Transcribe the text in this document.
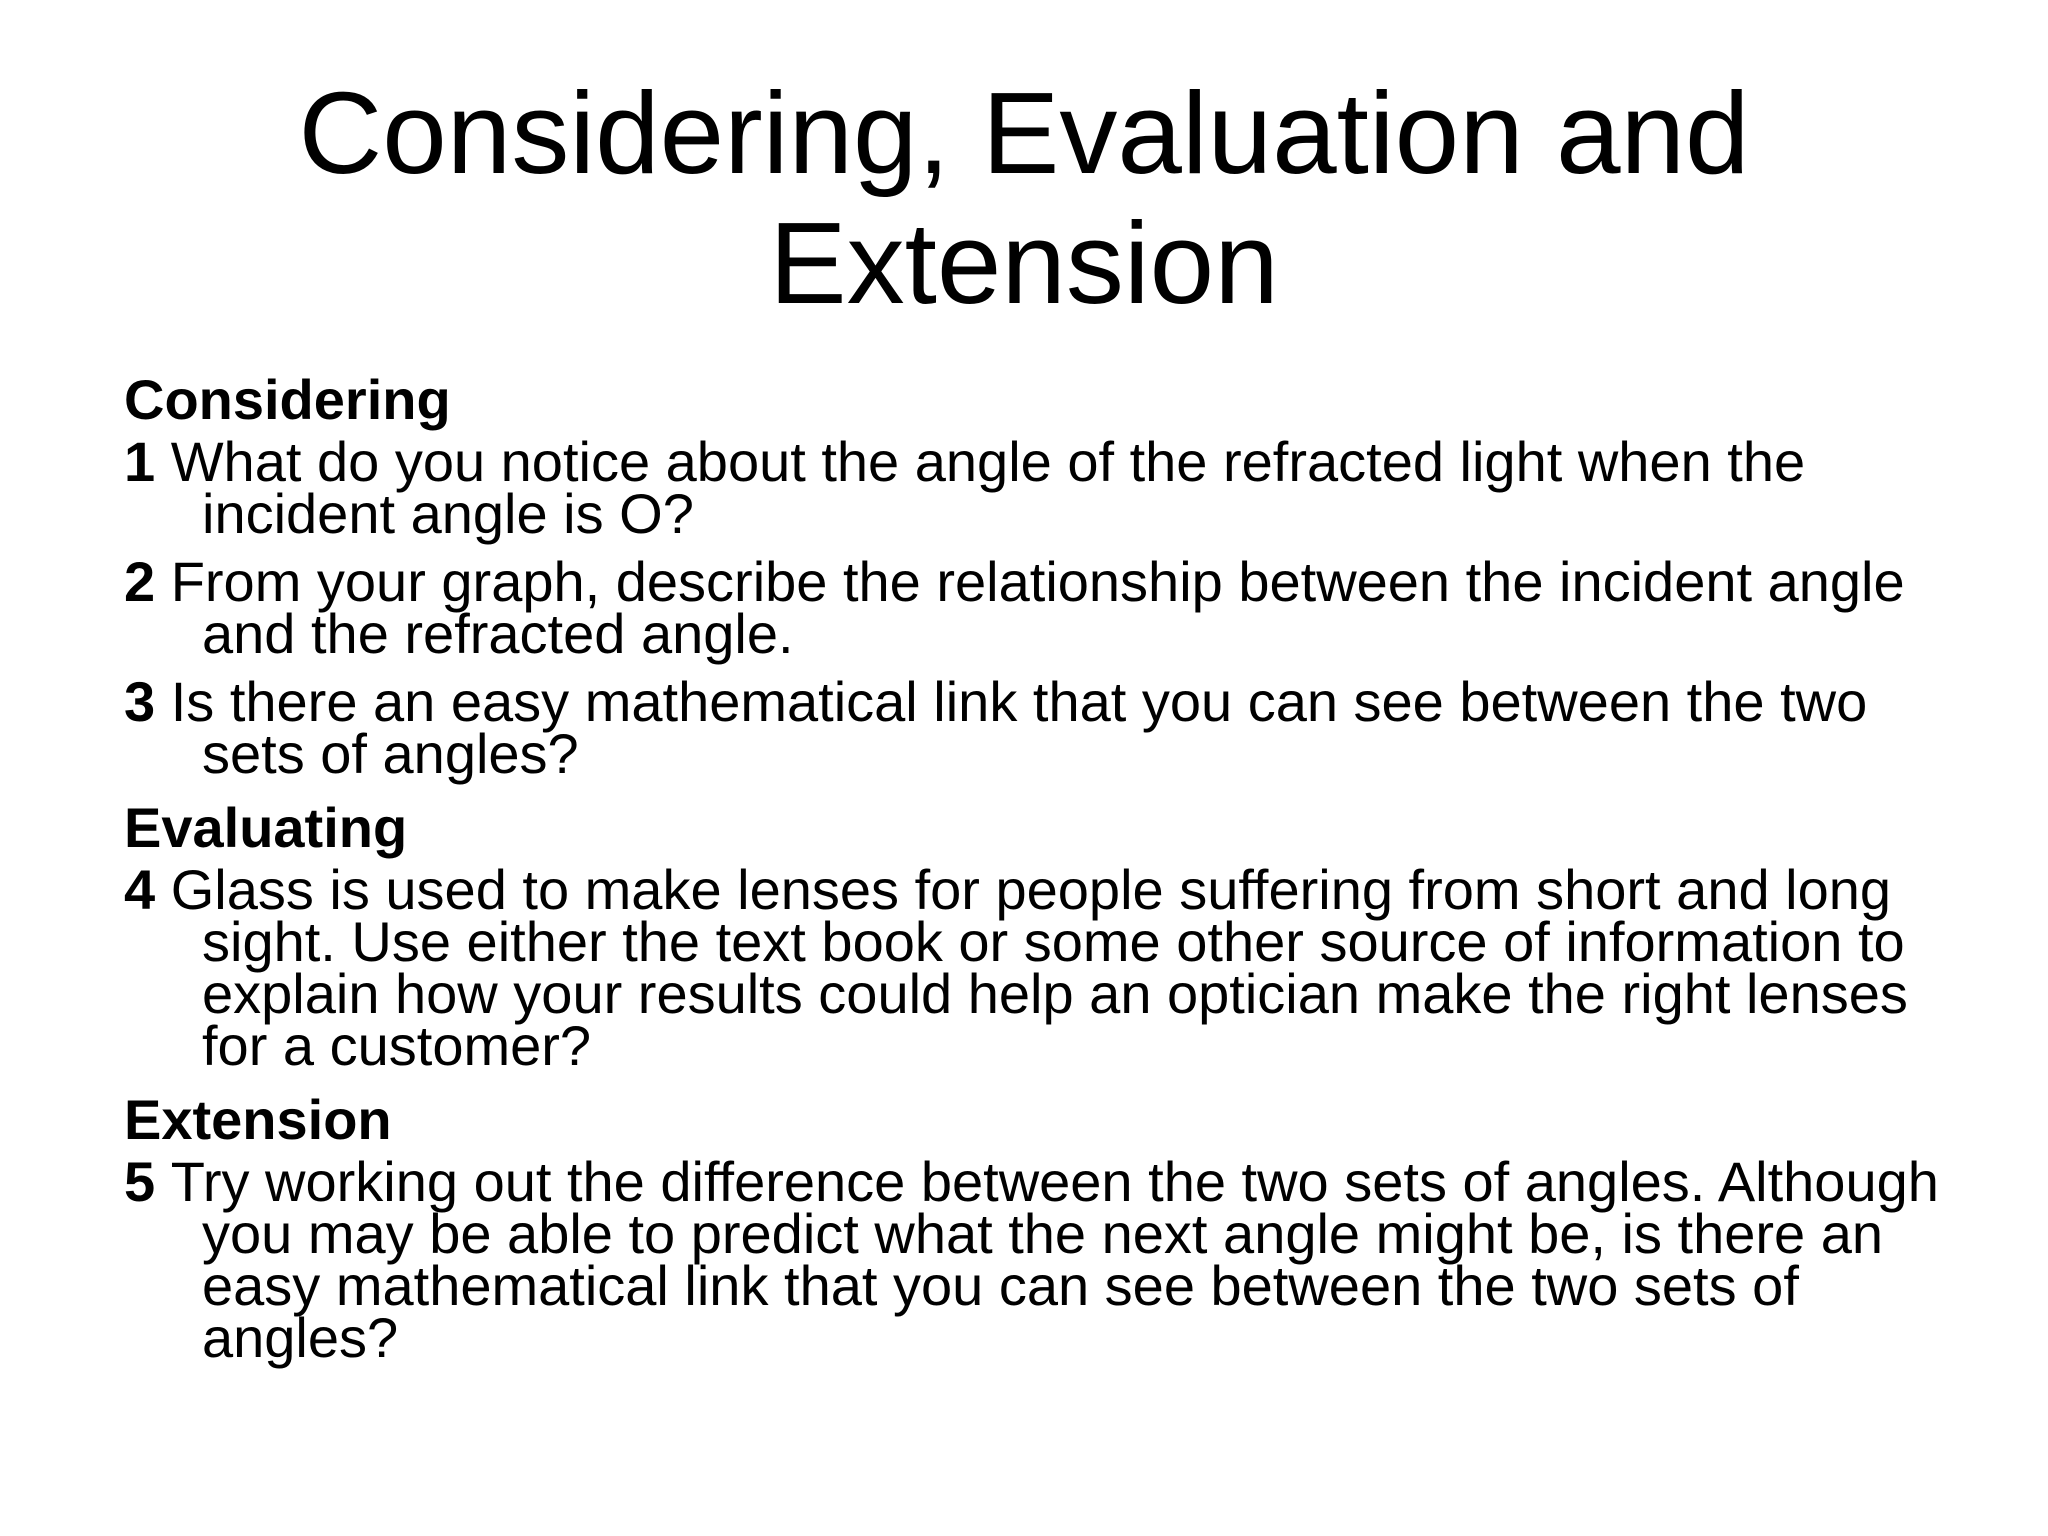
Considering, Evaluation and
Extension
Considering
1 What do you notice about the angle of the refracted light when the incident angle is O?
2 From your graph, describe the relationship between the incident angle and the refracted angle.
3 Is there an easy mathematical link that you can see between the two sets of angles?
Evaluating
4 Glass is used to make lenses for people suffering from short and long sight. Use either the text book or some other source of information to explain how your results could help an optician make the right lenses for a customer?
Extension
5 Try working out the difference between the two sets of angles. Although you may be able to predict what the next angle might be, is there an easy mathematical link that you can see between the two sets of angles?
